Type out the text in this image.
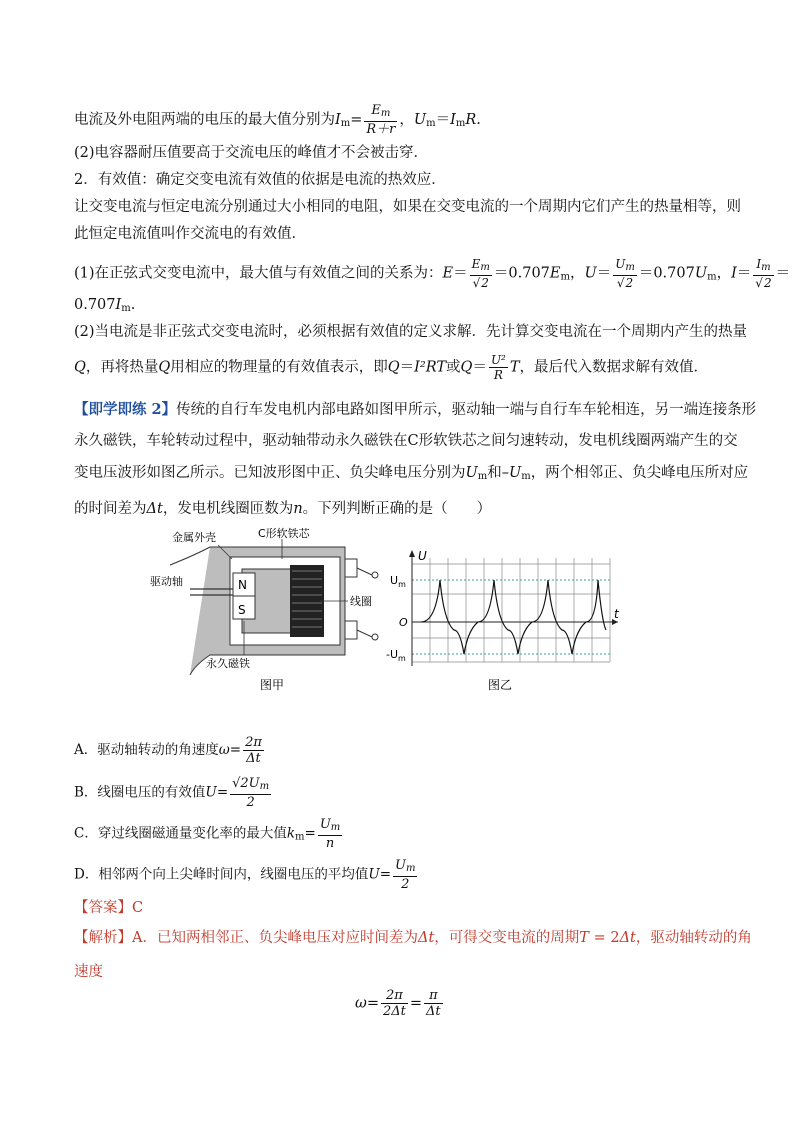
电流及外电阻两端的电压的最大值分别为$I_m= \frac{E_m}{R+r}$ ，$U_m=I_mR$.
(2)电容器耐压值要高于交流电压的峰值才不会被击穿．
2．有效值：确定交变电流有效值的依据是电流的热效应．
让交变电流与恒定电流分别通过大小相同的电阻，如果在交变电流的一个周期内它们产生的热量相等，则
此恒定电流值叫作交流电的有效值．
(1)在正弦式交变电流中，最大值与有效值之间的关系为：$E= \frac{E_m}{√2} =0.707E_m$，$U= \frac{U_m}{√2} =0.707U_m$，$I= \frac{I_m}{√2}$ ＝
$0.707I_m$.
(2)当电流是非正弦式交变电流时，必须根据有效值的定义求解．先计算交变电流在一个周期内产生的热量
Q，再将热量Q用相应的物理量的有效值表示，即Q＝I²RT或$Q= \frac{\text{U²}}{R}$ T，最后代入数据求解有效值．
【即学即练 2】传统的自行车发电机内部电路如图甲所示，驱动轴一端与自行车车轮相连，另一端连接条形
永久磁铁，车轮转动过程中，驱动轴带动永久磁铁在C形软铁芯之间匀速转动，发电机线圈两端产生的交
变电压波形如图乙所示。已知波形图中正、负尖峰电压分别为$U_m$和$-U_m$，两个相邻正、负尖峰电压所对应
的时间差为Δt，发电机线圈匝数为n。下列判断正确的是（　　）
N
S
金属外壳	C形软铁芯
驱动轴
线圈
永久磁铁
图甲
U
$U_m$
O
$-U_m$
t
图乙
A．驱动轴转动的角速度$\omega= \frac{2\pi}{\Delta t}$
B．线圈电压的有效值$U= \frac{√2U_m}{2}$
C．穿过线圈磁通量变化率的最大值$k_m= \frac{U_m}{n}$
D．相邻两个向上尖峰时间内，线圈电压的平均值$U= \frac{U_m}{2}$
【答案】C
【解析】A．已知两相邻正、负尖峰电压对应时间差为Δt，可得交变电流的周期T = 2Δt，驱动轴转动的角
速度
$\omega= \frac{2\pi}{2\Delta t} = \frac{\pi}{\Delta t}$
